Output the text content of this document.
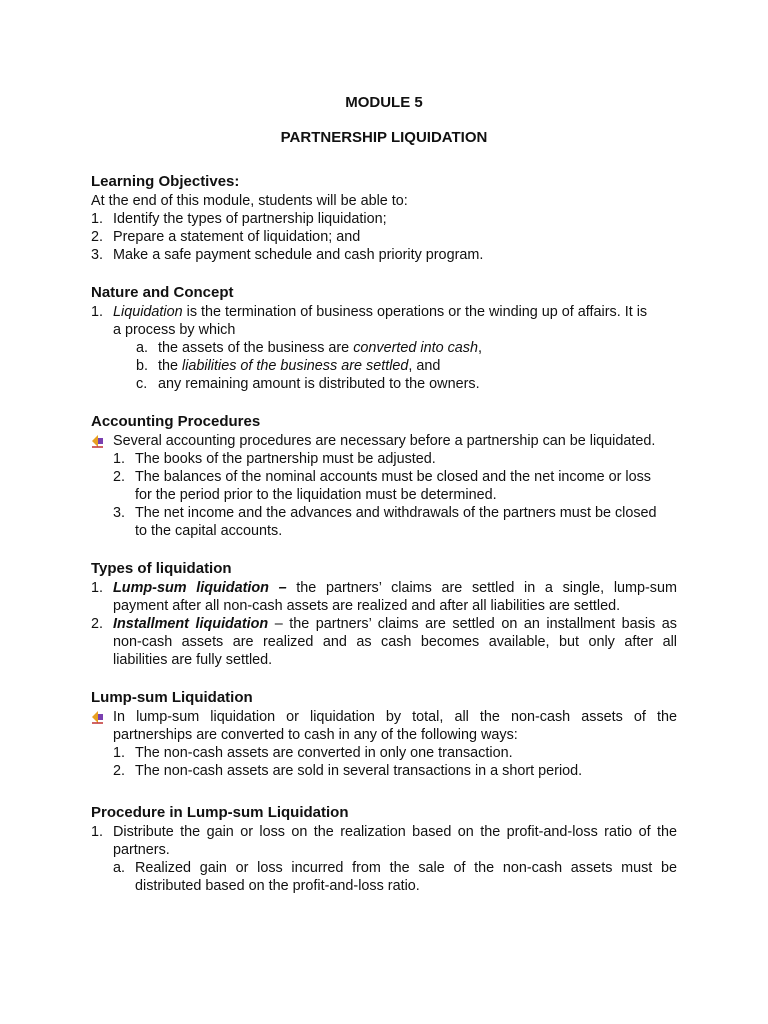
MODULE 5
PARTNERSHIP LIQUIDATION
Learning Objectives:
At the end of this module, students will be able to:
1. Identify the types of partnership liquidation;
2. Prepare a statement of liquidation; and
3. Make a safe payment schedule and cash priority program.
Nature and Concept
1. Liquidation is the termination of business operations or the winding up of affairs. It is
a process by which
a. the assets of the business are converted into cash,
b. the liabilities of the business are settled, and
c. any remaining amount is distributed to the owners.
Accounting Procedures
Several accounting procedures are necessary before a partnership can be liquidated.
1. The books of the partnership must be adjusted.
2. The balances of the nominal accounts must be closed and the net income or loss
for the period prior to the liquidation must be determined.
3. The net income and the advances and withdrawals of the partners must be closed
to the capital accounts.
Types of liquidation
1. Lump-sum liquidation – the partners’ claims are settled in a single, lump-sum
payment after all non-cash assets are realized and after all liabilities are settled.
2. Installment liquidation – the partners’ claims are settled on an installment basis as
non-cash assets are realized and as cash becomes available, but only after all
liabilities are fully settled.
Lump-sum Liquidation
In lump-sum liquidation or liquidation by total, all the non-cash assets of the
partnerships are converted to cash in any of the following ways:
1. The non-cash assets are converted in only one transaction.
2. The non-cash assets are sold in several transactions in a short period.
Procedure in Lump-sum Liquidation
1. Distribute the gain or loss on the realization based on the profit-and-loss ratio of the
partners.
a. Realized gain or loss incurred from the sale of the non-cash assets must be
distributed based on the profit-and-loss ratio.
